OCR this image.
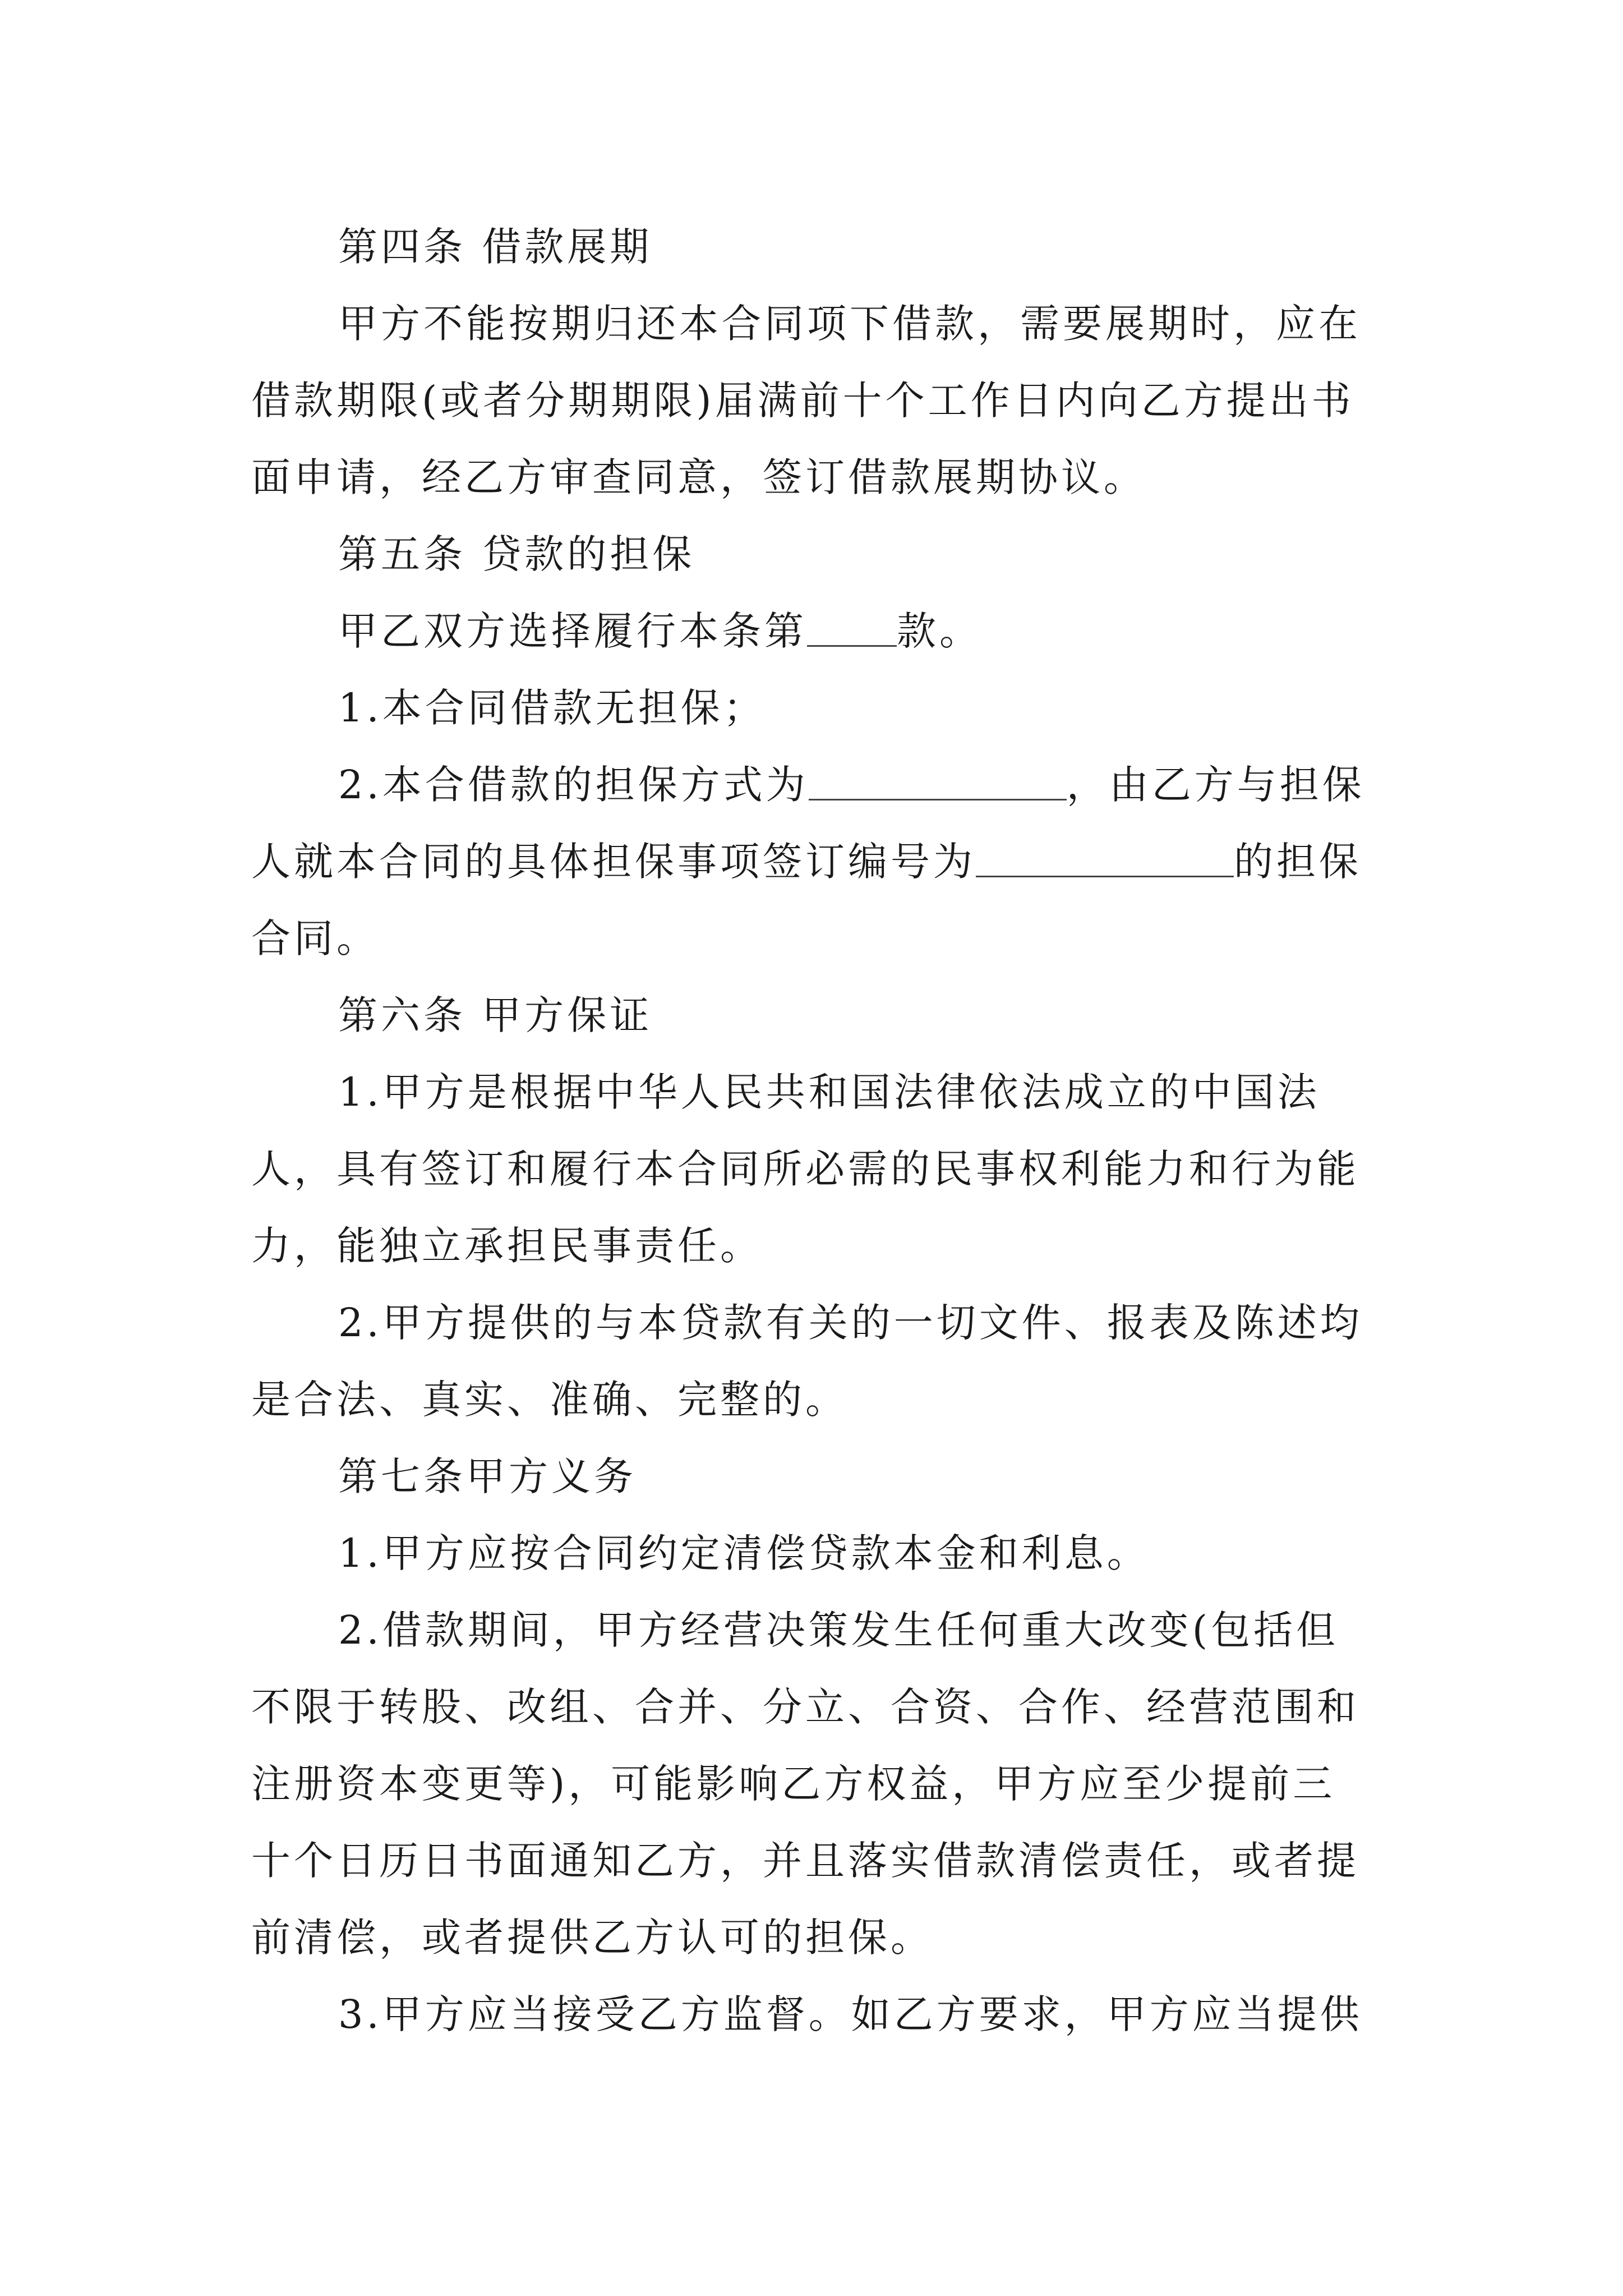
第四条 借款展期
甲方不能按期归还本合同项下借款，需要展期时，应在
借款期限(或者分期期限)届满前十个工作日内向乙方提出书
面申请，经乙方审查同意，签订借款展期协议。
第五条 贷款的担保
甲乙双方选择履行本条第 款。
1.本合同借款无担保；
2.本合借款的担保方式为	，由乙方与担保
人就本合同的具体担保事项签订编号为	的担保
合同。
第六条 甲方保证
1.甲方是根据中华人民共和国法律依法成立的中国法
人，具有签订和履行本合同所必需的民事权利能力和行为能
力，能独立承担民事责任。
2.甲方提供的与本贷款有关的一切文件、报表及陈述均
是合法、真实、准确、完整的。
第七条甲方义务
1.甲方应按合同约定清偿贷款本金和利息。
2.借款期间，甲方经营决策发生任何重大改变(包括但
不限于转股、改组、合并、分立、合资、合作、经营范围和
注册资本变更等)，可能影响乙方权益，甲方应至少提前三
十个日历日书面通知乙方，并且落实借款清偿责任，或者提
前清偿，或者提供乙方认可的担保。
3.甲方应当接受乙方监督。如乙方要求，甲方应当提供
